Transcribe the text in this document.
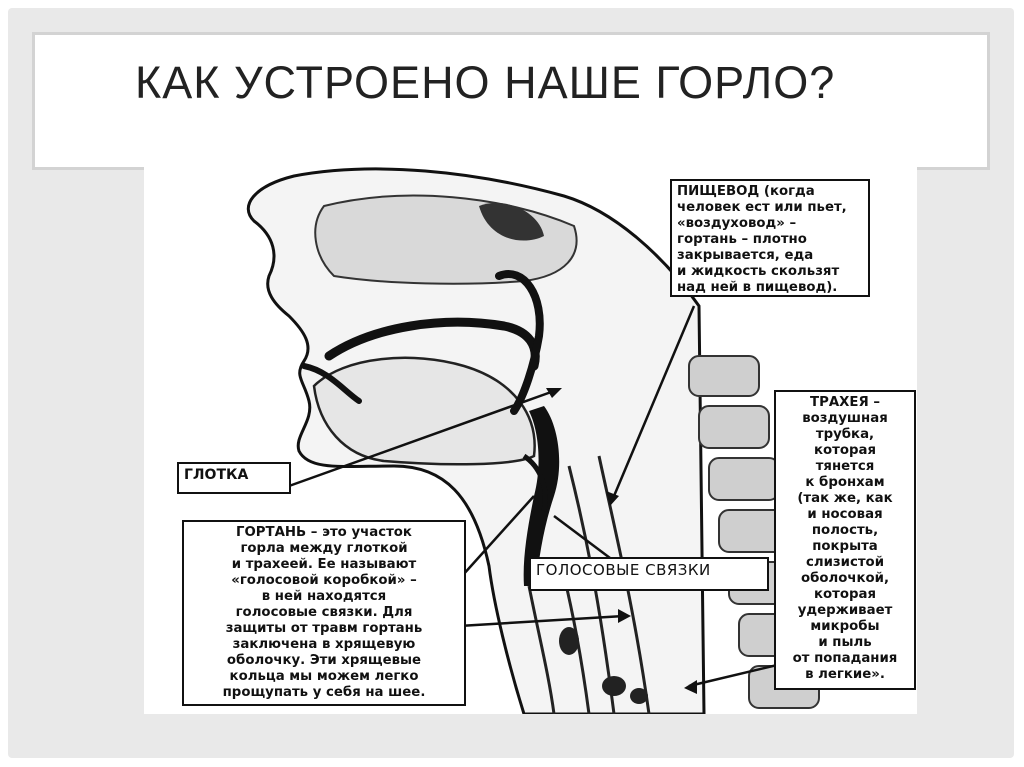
КАК УСТРОЕНО НАШЕ ГОРЛО?
ПИЩЕВОД (когда
человек ест или пьет,
«воздуховод» –
гортань – плотно
закрывается, еда
и жидкость скользят
над ней в пищевод).
ТРАХЕЯ –
воздушная
трубка,
которая
тянется
к бронхам
(так же, как
и носовая
полость,
покрыта
слизистой
оболочкой,
которая
удерживает
микробы
и пыль
от попадания
в легкие».
ГЛОТКА
ГОРТАНЬ – это участок
горла между глоткой
и трахеей. Ее называют
«голосовой коробкой» –
в ней находятся
голосовые связки. Для
защиты от травм гортань
заключена в хрящевую
оболочку. Эти хрящевые
кольца мы можем легко
прощупать у себя на шее.
ГОЛОСОВЫЕ СВЯЗКИ
